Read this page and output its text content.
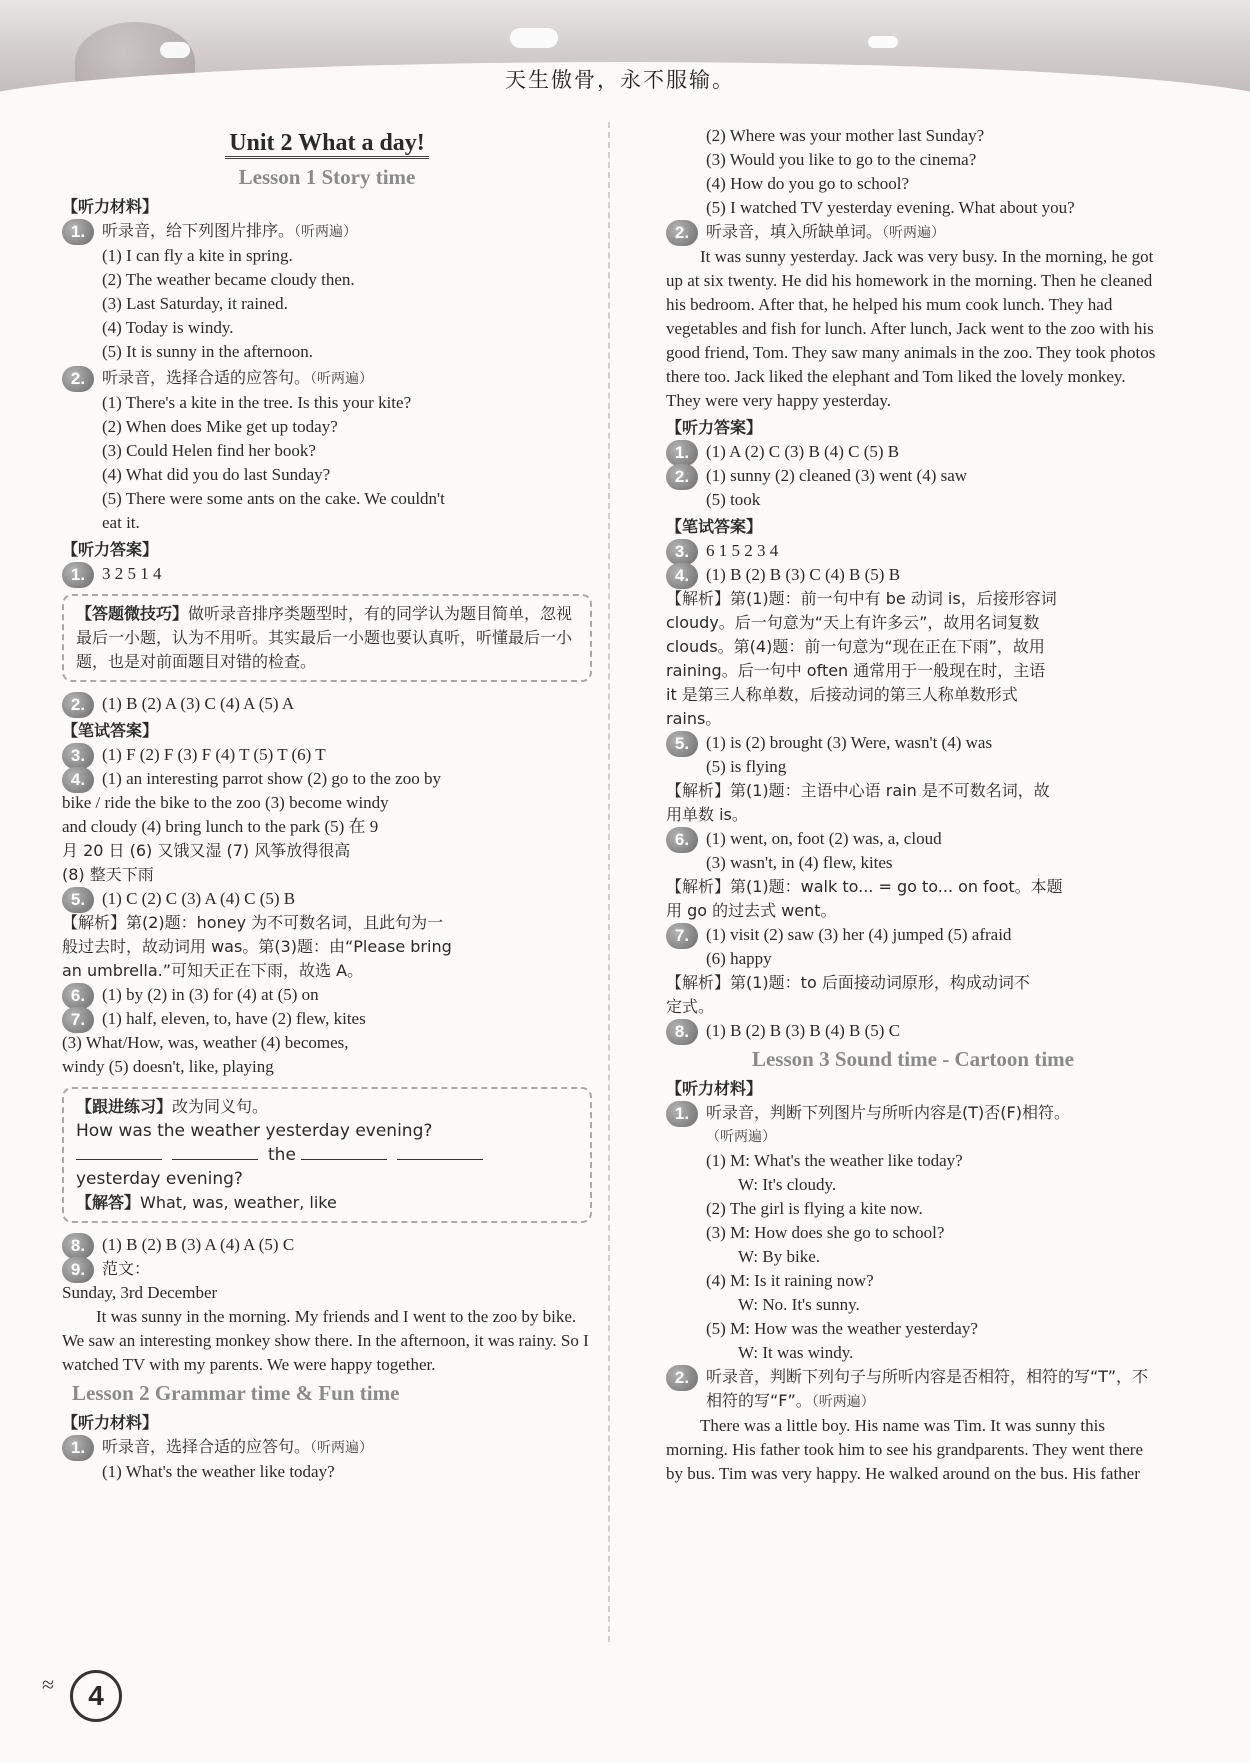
天生傲骨，永不服输。
Unit 2 What a day!
Lesson 1 Story time
【听力材料】
1.	听录音，给下列图片排序。（听两遍）
(1) I can fly a kite in spring.
(2) The weather became cloudy then.
(3) Last Saturday, it rained.
(4) Today is windy.
(5) It is sunny in the afternoon.
2.	听录音，选择合适的应答句。（听两遍）
(1) There's a kite in the tree. Is this your kite?
(2) When does Mike get up today?
(3) Could Helen find her book?
(4) What did you do last Sunday?
(5) There were some ants on the cake. We couldn't
eat it.
【听力答案】
1. 3 2 5 1 4
【答题微技巧】做听录音排序类题型时，有的同学认为题目简单，忽视最后一小题，认为不用听。其实最后一小题也要认真听，听懂最后一小题，也是对前面题目对错的检查。
2. (1) B (2) A (3) C (4) A (5) A
【笔试答案】
3. (1) F (2) F (3) F (4) T (5) T (6) T
4. (1) an interesting parrot show (2) go to the zoo by
bike / ride the bike to the zoo (3) become windy
and cloudy (4) bring lunch to the park (5) 在 9
月 20 日 (6) 又饿又湿 (7) 风筝放得很高
(8) 整天下雨
5. (1) C (2) C (3) A (4) C (5) B
【解析】第(2)题：honey 为不可数名词，且此句为一
般过去时，故动词用 was。第(3)题：由“Please bring
an umbrella.”可知天正在下雨，故选 A。
6. (1) by (2) in (3) for (4) at (5) on
7. (1) half, eleven, to, have (2) flew, kites
(3) What/How, was, weather (4) becomes,
windy (5) doesn't, like, playing
【跟进练习】改为同义句。
How was the weather yesterday evening?
the
yesterday evening?
【解答】What, was, weather, like
8. (1) B (2) B (3) A (4) A (5) C
9.	范文：
Sunday, 3rd December
It was sunny in the morning. My friends and I went to the zoo by bike. We saw an interesting monkey show there. In the afternoon, it was rainy. So I watched TV with my parents. We were happy together.
Lesson 2 Grammar time & Fun time
【听力材料】
1.	听录音，选择合适的应答句。（听两遍）
(1) What's the weather like today?
(2) Where was your mother last Sunday?
(3) Would you like to go to the cinema?
(4) How do you go to school?
(5) I watched TV yesterday evening. What about you?
2.	听录音，填入所缺单词。（听两遍）
It was sunny yesterday. Jack was very busy. In the morning, he got up at six twenty. He did his homework in the morning. Then he cleaned his bedroom. After that, he helped his mum cook lunch. They had vegetables and fish for lunch. After lunch, Jack went to the zoo with his good friend, Tom. They saw many animals in the zoo. They took photos there too. Jack liked the elephant and Tom liked the lovely monkey. They were very happy yesterday.
【听力答案】
1. (1) A (2) C (3) B (4) C (5) B
2. (1) sunny (2) cleaned (3) went (4) saw
(5) took
【笔试答案】
3. 6 1 5 2 3 4
4. (1) B (2) B (3) C (4) B (5) B
【解析】第(1)题：前一句中有 be 动词 is，后接形容词
cloudy。后一句意为“天上有许多云”，故用名词复数
clouds。第(4)题：前一句意为“现在正在下雨”，故用
raining。后一句中 often 通常用于一般现在时，主语
it 是第三人称单数，后接动词的第三人称单数形式
rains。
5. (1) is (2) brought (3) Were, wasn't (4) was
(5) is flying
【解析】第(1)题：主语中心语 rain 是不可数名词，故
用单数 is。
6. (1) went, on, foot (2) was, a, cloud
(3) wasn't, in (4) flew, kites
【解析】第(1)题：walk to... = go to... on foot。本题
用 go 的过去式 went。
7. (1) visit (2) saw (3) her (4) jumped (5) afraid
(6) happy
【解析】第(1)题：to 后面接动词原形，构成动词不
定式。
8. (1) B (2) B (3) B (4) B (5) C
Lesson 3 Sound time - Cartoon time
【听力材料】
1.	听录音，判断下列图片与所听内容是(T)否(F)相符。
（听两遍）
(1) M: What's the weather like today?
W: It's cloudy.
(2) The girl is flying a kite now.
(3) M: How does she go to school?
W: By bike.
(4) M: Is it raining now?
W: No. It's sunny.
(5) M: How was the weather yesterday?
W: It was windy.
2.	听录音，判断下列句子与所听内容是否相符，相符的写“T”，不相符的写“F”。（听两遍）
There was a little boy. His name was Tim. It was sunny this morning. His father took him to see his grandparents. They went there by bus. Tim was very happy. He walked around on the bus. His father
≈	4
